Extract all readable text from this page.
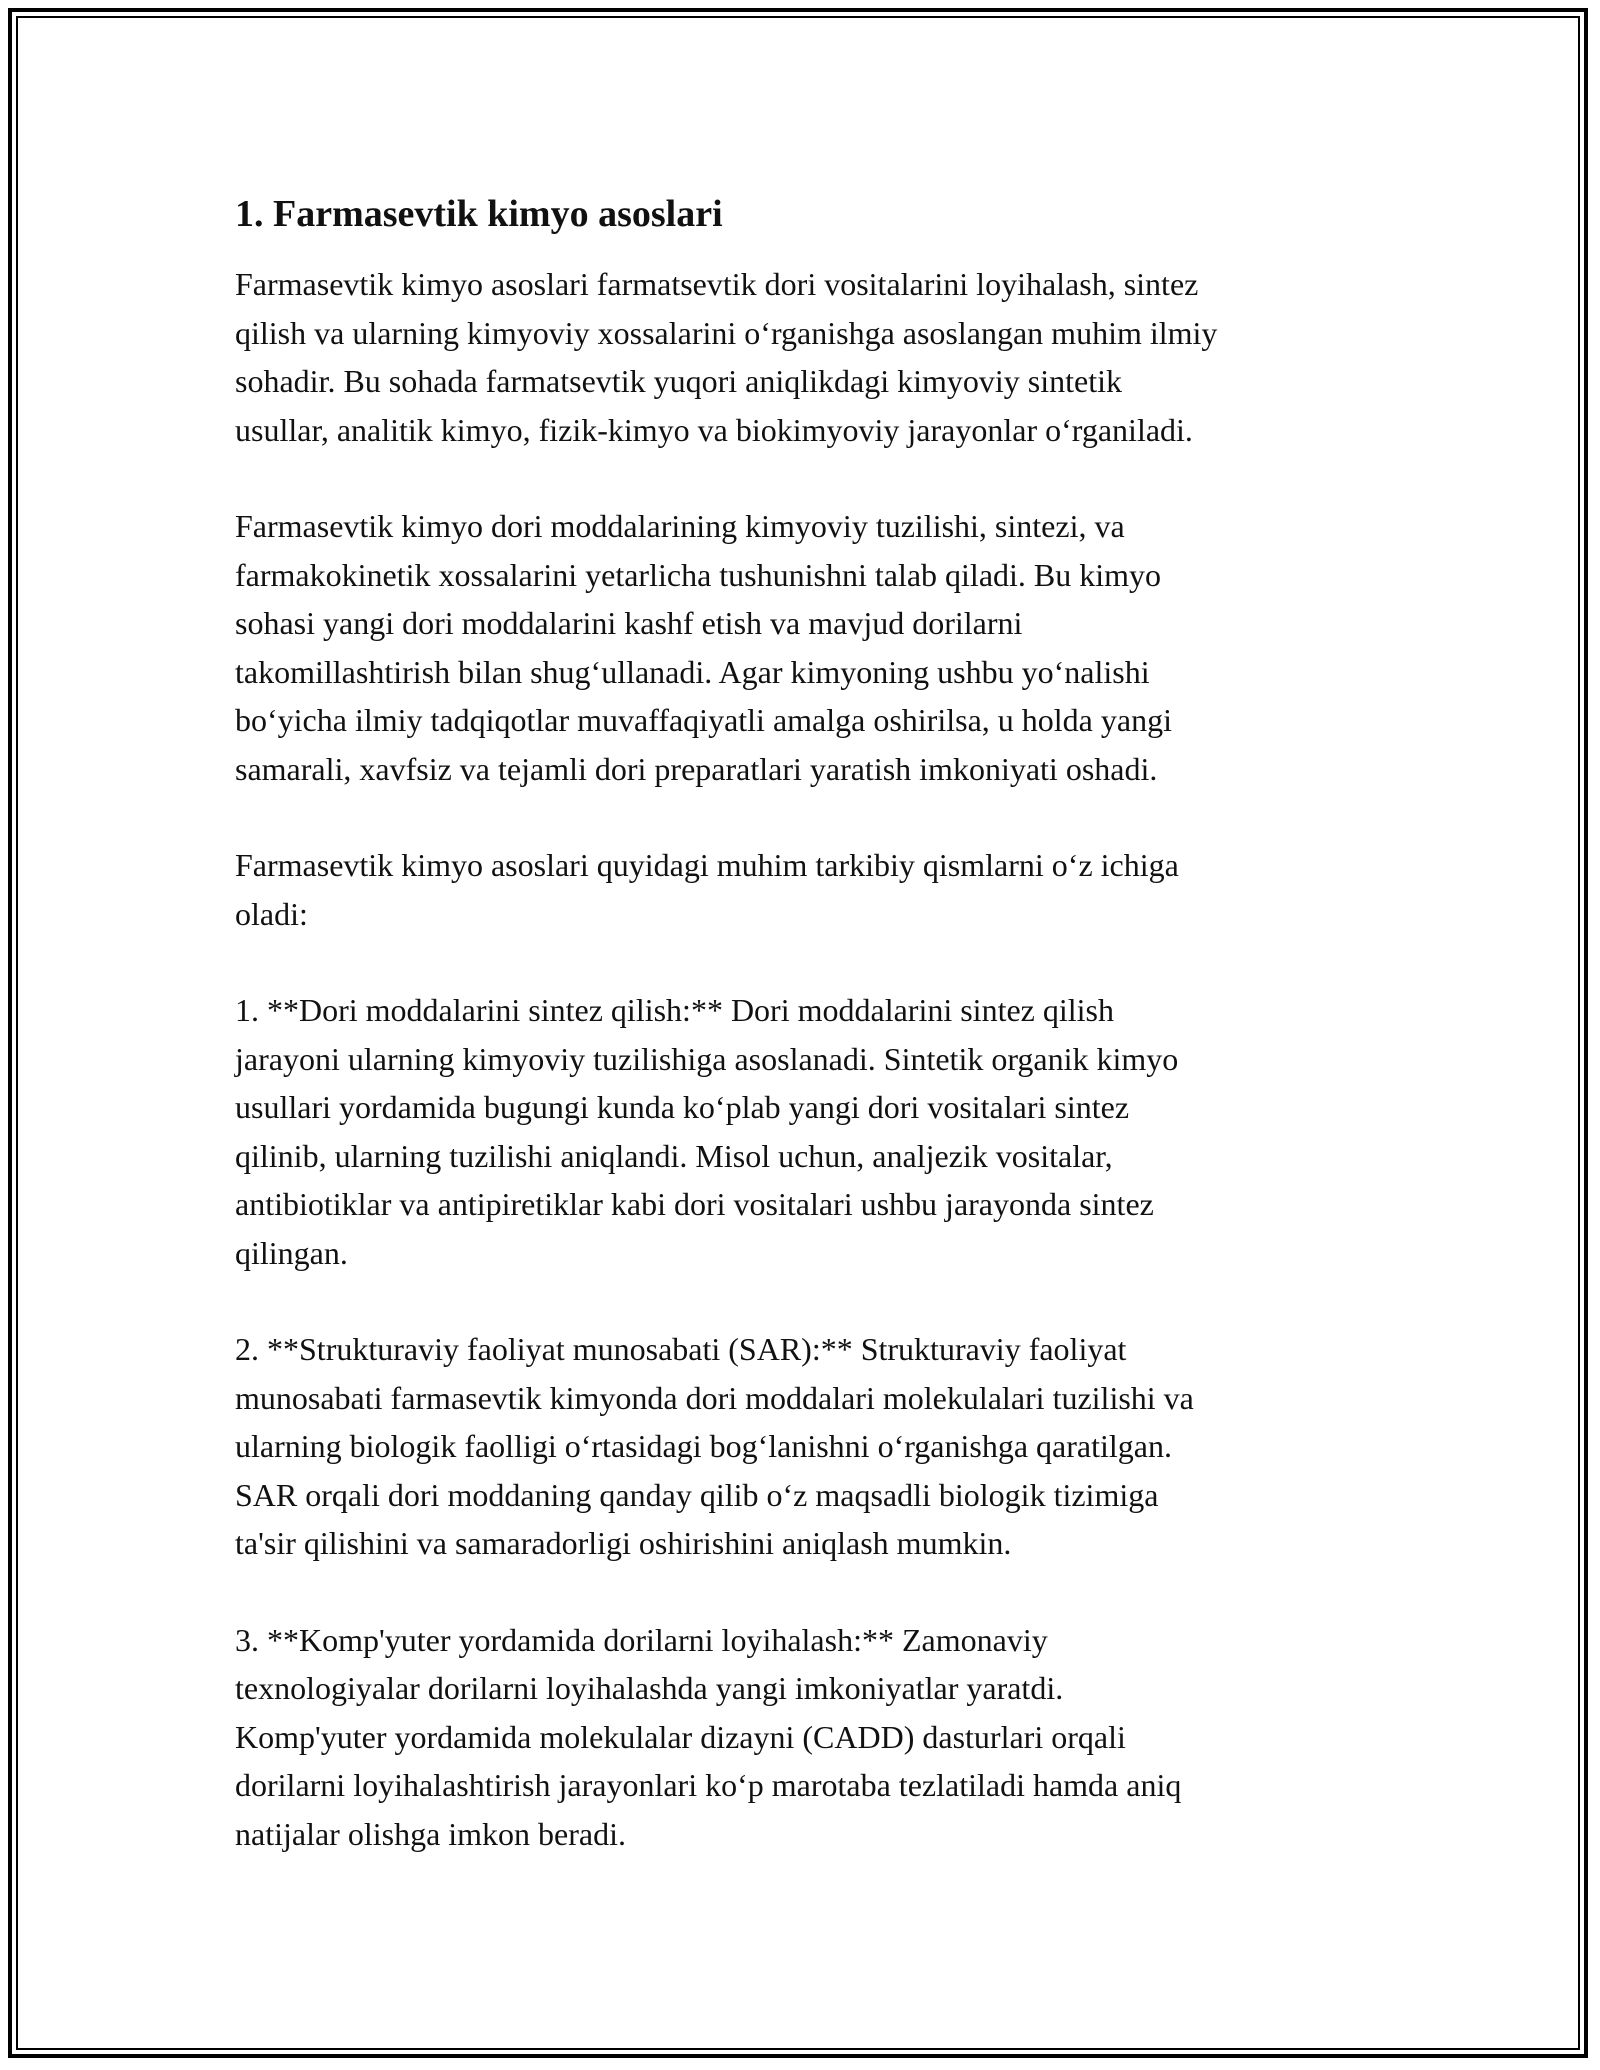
1. Farmasevtik kimyo asoslari

Farmasevtik kimyo asoslari farmatsevtik dori vositalarini loyihalash, sintez
qilish va ularning kimyoviy xossalarini o‘rganishga asoslangan muhim ilmiy
sohadir. Bu sohada farmatsevtik yuqori aniqlikdagi kimyoviy sintetik
usullar, analitik kimyo, fizik-kimyo va biokimyoviy jarayonlar o‘rganiladi.

Farmasevtik kimyo dori moddalarining kimyoviy tuzilishi, sintezi, va
farmakokinetik xossalarini yetarlicha tushunishni talab qiladi. Bu kimyo
sohasi yangi dori moddalarini kashf etish va mavjud dorilarni
takomillashtirish bilan shug‘ullanadi. Agar kimyoning ushbu yo‘nalishi
bo‘yicha ilmiy tadqiqotlar muvaffaqiyatli amalga oshirilsa, u holda yangi
samarali, xavfsiz va tejamli dori preparatlari yaratish imkoniyati oshadi.

Farmasevtik kimyo asoslari quyidagi muhim tarkibiy qismlarni o‘z ichiga
oladi:

1. **Dori moddalarini sintez qilish:** Dori moddalarini sintez qilish
jarayoni ularning kimyoviy tuzilishiga asoslanadi. Sintetik organik kimyo
usullari yordamida bugungi kunda ko‘plab yangi dori vositalari sintez
qilinib, ularning tuzilishi aniqlandi. Misol uchun, analjezik vositalar,
antibiotiklar va antipiretiklar kabi dori vositalari ushbu jarayonda sintez
qilingan.

2. **Strukturaviy faoliyat munosabati (SAR):** Strukturaviy faoliyat
munosabati farmasevtik kimyonda dori moddalari molekulalari tuzilishi va
ularning biologik faolligi o‘rtasidagi bog‘lanishni o‘rganishga qaratilgan.
SAR orqali dori moddaning qanday qilib o‘z maqsadli biologik tizimiga
ta'sir qilishini va samaradorligi oshirishini aniqlash mumkin.

3. **Komp'yuter yordamida dorilarni loyihalash:** Zamonaviy
texnologiyalar dorilarni loyihalashda yangi imkoniyatlar yaratdi.
Komp'yuter yordamida molekulalar dizayni (CADD) dasturlari orqali
dorilarni loyihalashtirish jarayonlari ko‘p marotaba tezlatiladi hamda aniq
natijalar olishga imkon beradi.
